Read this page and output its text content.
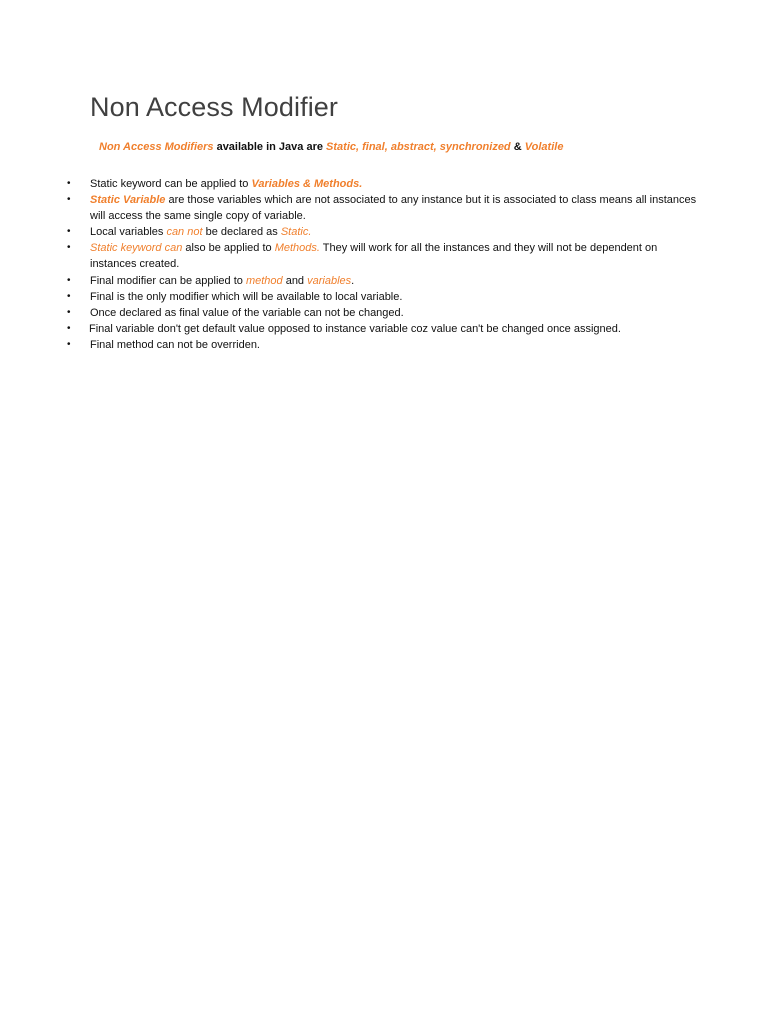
Non Access Modifier
Non Access Modifiers available in Java are Static, final, abstract, synchronized & Volatile
• Static keyword can be applied to Variables & Methods.
• Static Variable are those variables which are not associated to any instance but it is associated to class means all instances will access the same single copy of variable.
• Local variables can not be declared as Static.
• Static keyword can also be applied to Methods. They will work for all the instances and they will not be dependent on instances created.
• Final modifier can be applied to method and variables.
• Final is the only modifier which will be available to local variable.
• Once declared as final value of the variable can not be changed.
• Final variable don't get default value opposed to instance variable coz value can't be changed once assigned.
• Final method can not be overriden.
